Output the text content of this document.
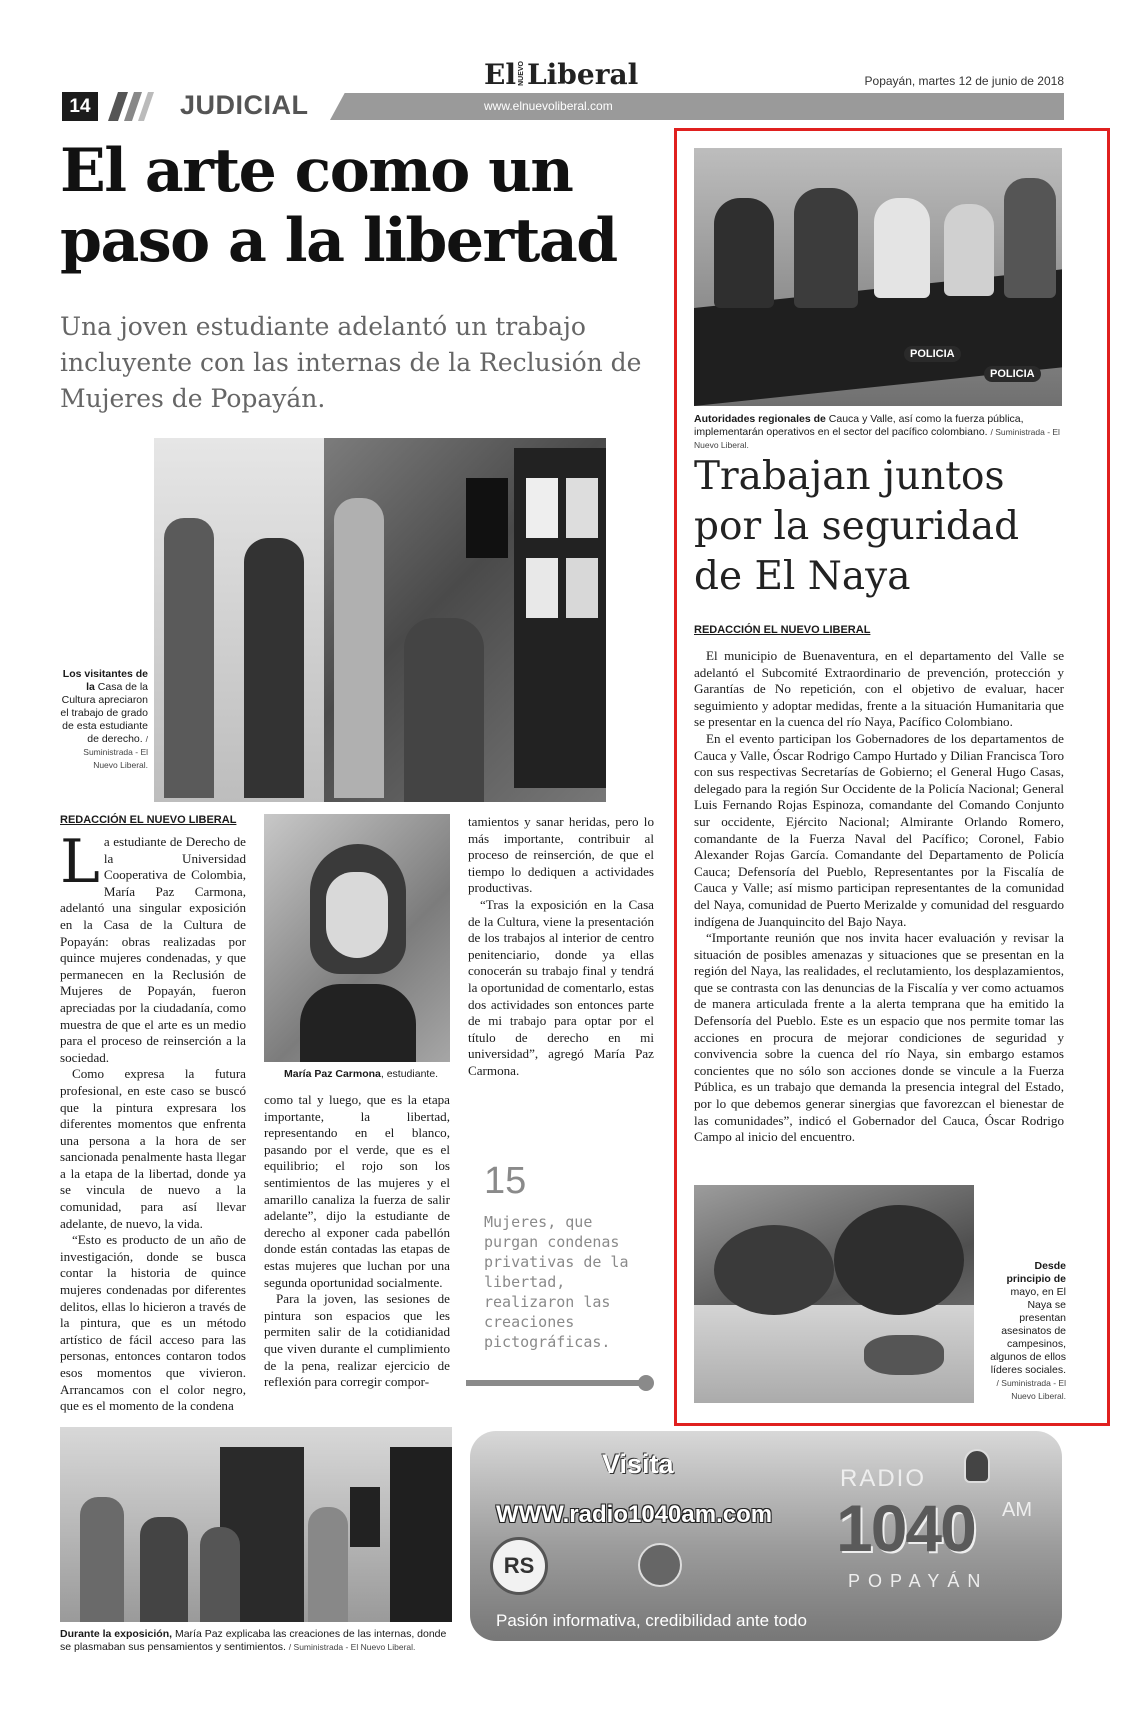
El NUEVO Liberal	Popayán, martes 12 de junio de 2018
14	JUDICIAL	www.elnuevoliberal.com
El arte como un paso a la libertad
Una joven estudiante adelantó un trabajo incluyente con las internas de la Reclusión de Mujeres de Popayán.
Los visitantes de la Casa de la Cultura apreciaron el trabajo de grado de esta estudiante de derecho. / Suministrada - El Nuevo Liberal.
REDACCIÓN EL NUEVO LIBERAL

La estudiante de Derecho de la Universidad Cooperativa de Colombia, María Paz Carmona, adelantó una singular exposición en la Casa de la Cultura de Popayán: obras realizadas por quince mujeres condenadas, y que permanecen en la Reclusión de Mujeres de Popayán, fueron apreciadas por la ciudadanía, como muestra de que el arte es un medio para el proceso de reinserción a la sociedad.

Como expresa la futura profesional, en este caso se buscó que la pintura expresara los diferentes momentos que enfrenta una persona a la hora de ser sancionada penalmente hasta llegar a la etapa de la libertad, donde ya se vincula de nuevo a la comunidad, para así llevar adelante, de nuevo, la vida.

“Esto es producto de un año de investigación, donde se busca contar la historia de quince mujeres condenadas por diferentes delitos, ellas lo hicieron a través de la pintura, que es un método artístico de fácil acceso para las personas, entonces contaron todos esos momentos que vivieron. Arrancamos con el color negro, que es el momento de la condena

María Paz Carmona, estudiante.

como tal y luego, que es la etapa importante, la libertad, representando en el blanco, pasando por el verde, que es el equilibrio; el rojo son los sentimientos de las mujeres y el amarillo canaliza la fuerza de salir adelante”, dijo la estudiante de derecho al exponer cada pabellón donde están contadas las etapas de estas mujeres que luchan por una segunda oportunidad socialmente.

Para la joven, las sesiones de pintura son espacios que les permiten salir de la cotidianidad que viven durante el cumplimiento de la pena, realizar ejercicio de reflexión para corregir compor-

tamientos y sanar heridas, pero lo más importante, contribuir al proceso de reinserción, de que el tiempo lo dediquen a actividades productivas.

“Tras la exposición en la Casa de la Cultura, viene la presentación de los trabajos al interior de centro penitenciario, donde ya ellas conocerán su trabajo final y tendrá la oportunidad de comentarlo, estas dos actividades son entonces parte de mi trabajo para optar por el título de derecho en mi universidad”, agregó María Paz Carmona.

15
Mujeres, que purgan condenas privativas de la libertad, realizaron las creaciones pictográficas.
Durante la exposición, María Paz explicaba las creaciones de las internas, donde se plasmaban sus pensamientos y sentimientos. / Suministrada - El Nuevo Liberal.
POLICIA
POLICIA
Autoridades regionales de Cauca y Valle, así como la fuerza pública, implementarán operativos en el sector del pacífico colombiano. / Suministrada - El Nuevo Liberal.
Trabajan juntos por la seguridad de El Naya
REDACCIÓN EL NUEVO LIBERAL

El municipio de Buenaventura, en el departamento del Valle se adelantó el Subcomité Extraordinario de prevención, protección y Garantías de No repetición, con el objetivo de evaluar, hacer seguimiento y adoptar medidas, frente a la situación Humanitaria que se presentar en la cuenca del río Naya, Pacífico Colombiano.

En el evento participan los Gobernadores de los departamentos de Cauca y Valle, Óscar Rodrigo Campo Hurtado y Dilian Francisca Toro con sus respectivas Secretarías de Gobierno; el General Hugo Casas, delegado para la región Sur Occidente de la Policía Nacional; General Luis Fernando Rojas Espinoza, comandante del Comando Conjunto sur occidente, Ejército Nacional; Almirante Orlando Romero, comandante de la Fuerza Naval del Pacífico; Coronel, Fabio Alexander Rojas García. Comandante del Departamento de Policía Cauca; Defensoría del Pueblo, Representantes por la Fiscalía de Cauca y Valle; así mismo participan representantes de la comunidad del Naya, comunidad de Puerto Merizalde y comunidad del resguardo indígena de Juanquincito del Bajo Naya.

“Importante reunión que nos invita hacer evaluación y revisar la situación de posibles amenazas y situaciones que se presentan en la región del Naya, las realidades, el reclutamiento, los desplazamientos, que se contrasta con las denuncias de la Fiscalía y ver como actuamos de manera articulada frente a la alerta temprana que ha emitido la Defensoría del Pueblo. Este es un espacio que nos permite tomar las acciones en procura de mejorar condiciones de seguridad y convivencia sobre la cuenca del río Naya, sin embargo estamos concientes que no sólo son acciones donde se vincule a la Fuerza Pública, es un trabajo que demanda la presencia integral del Estado, por lo que debemos generar sinergias que favorezcan el bienestar de las comunidades”, indicó el Gobernador del Cauca, Óscar Rodrigo Campo al inicio del encuentro.

Desde principio de mayo, en El Naya se presentan asesinatos de campesinos, algunos de ellos líderes sociales. / Suministrada - El Nuevo Liberal.
Visita
WWW.radio1040am.com
RADIO
1040 AM
POPAYÁN
RS
Pasión informativa, credibilidad ante todo
